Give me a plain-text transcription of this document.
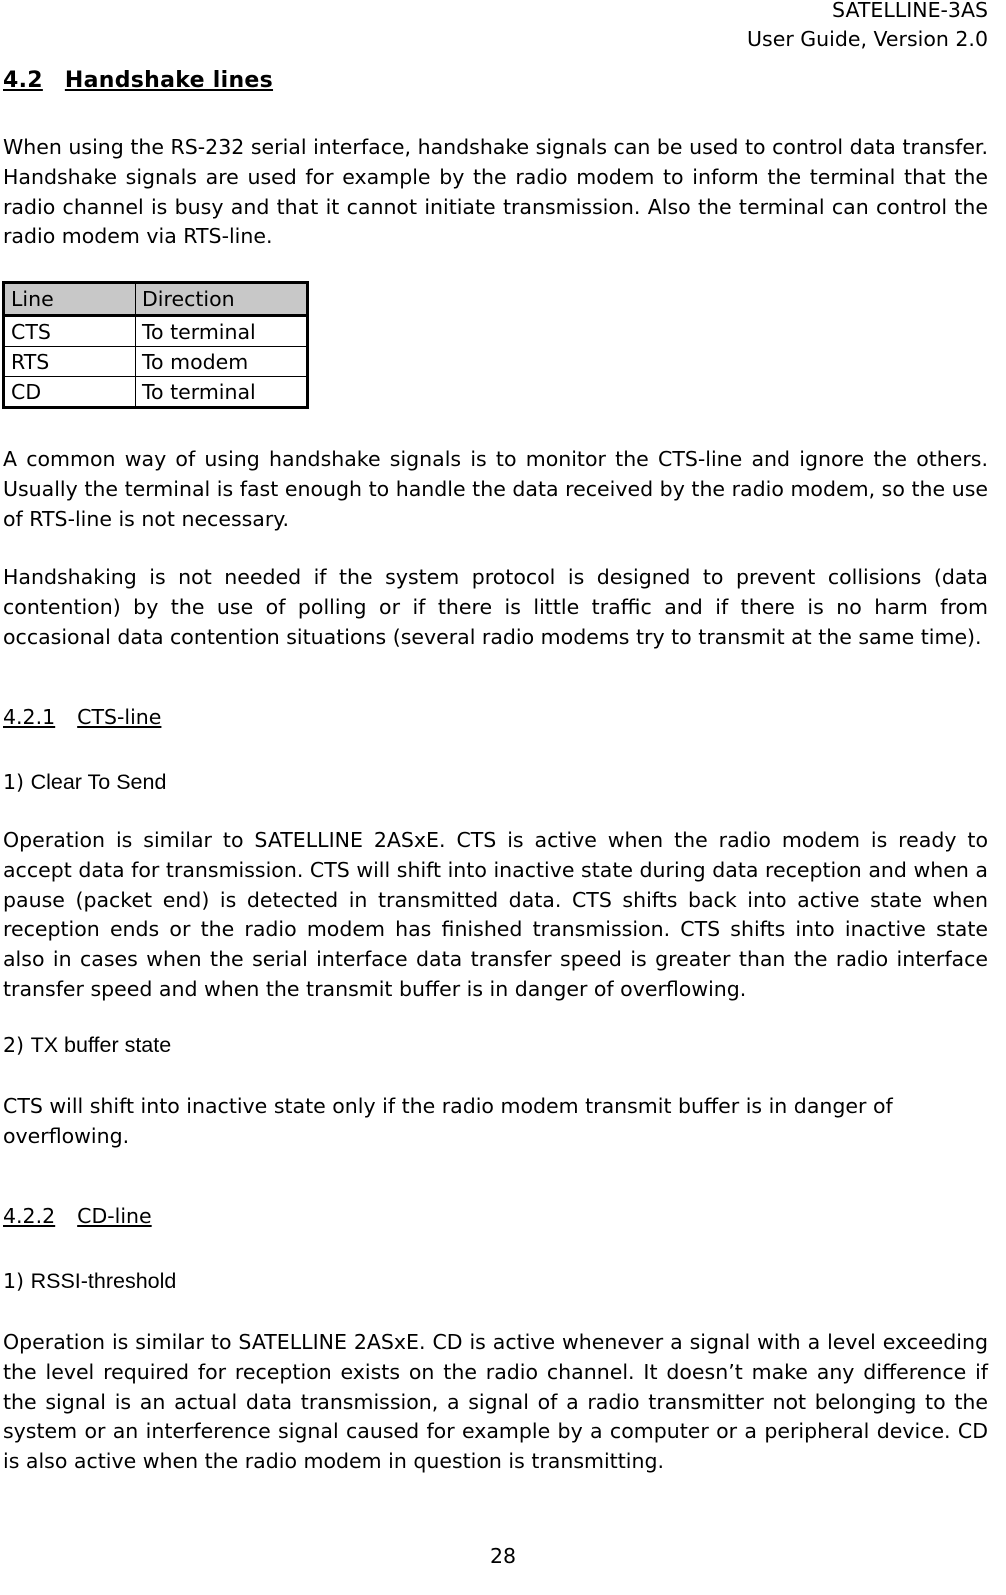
SATELLINE-3AS
User Guide, Version 2.0
4.2 Handshake lines
When using the RS-232 serial interface, handshake signals can be used to control data transfer. Handshake signals are used for example by the radio modem to inform the terminal that the radio channel is busy and that it cannot initiate transmission. Also the terminal can control the radio modem via RTS-line.
Line	Direction
CTS	To terminal
RTS	To modem
CD	To terminal
A common way of using handshake signals is to monitor the CTS-line and ignore the others. Usually the terminal is fast enough to handle the data received by the radio modem, so the use of RTS-line is not necessary.
Handshaking is not needed if the system protocol is designed to prevent collisions (data contention) by the use of polling or if there is little traffic and if there is no harm from occasional data contention situations (several radio modems try to transmit at the same time).
4.2.1 CTS-line
1) Clear To Send
Operation is similar to SATELLINE 2ASxE. CTS is active when the radio modem is ready to accept data for transmission. CTS will shift into inactive state during data reception and when a pause (packet end) is detected in transmitted data. CTS shifts back into active state when reception ends or the radio modem has finished transmission. CTS shifts into inactive state also in cases when the serial interface data transfer speed is greater than the radio interface transfer speed and when the transmit buffer is in danger of overflowing.
2) TX buffer state
CTS will shift into inactive state only if the radio modem transmit buffer is in danger of overflowing.
4.2.2 CD-line
1) RSSI-threshold
Operation is similar to SATELLINE 2ASxE. CD is active whenever a signal with a level exceeding the level required for reception exists on the radio channel. It doesn’t make any difference if the signal is an actual data transmission, a signal of a radio transmitter not belonging to the system or an interference signal caused for example by a computer or a peripheral device. CD is also active when the radio modem in question is transmitting.
28
